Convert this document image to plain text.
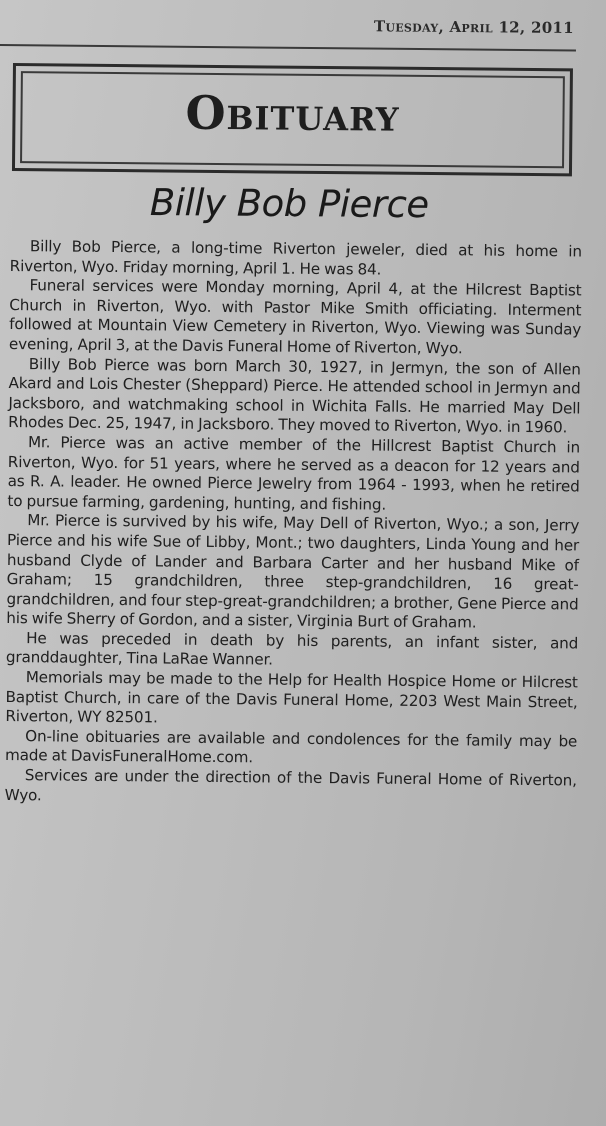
Tuesday, April 12, 2011
Obituary
Billy Bob Pierce

Billy Bob Pierce, a long-time Riverton jeweler, died at his home in Riverton, Wyo. Friday morning, April 1. He was 84.

Funeral services were Monday morning, April 4, at the Hilcrest Baptist Church in Riverton, Wyo. with Pastor Mike Smith officiating. Interment followed at Mountain View Cemetery in Riverton, Wyo. Viewing was Sunday evening, April 3, at the Davis Funeral Home of Riverton, Wyo.

Billy Bob Pierce was born March 30, 1927, in Jermyn, the son of Allen Akard and Lois Chester (Sheppard) Pierce. He attended school in Jermyn and Jacksboro, and watchmaking school in Wichita Falls. He married May Dell Rhodes Dec. 25, 1947, in Jacksboro. They moved to Riverton, Wyo. in 1960.

Mr. Pierce was an active member of the Hillcrest Baptist Church in Riverton, Wyo. for 51 years, where he served as a deacon for 12 years and as R. A. leader. He owned Pierce Jewelry from 1964 - 1993, when he retired to pursue farming, gardening, hunting, and fishing.

Mr. Pierce is survived by his wife, May Dell of Riverton, Wyo.; a son, Jerry Pierce and his wife Sue of Libby, Mont.; two daughters, Linda Young and her husband Clyde of Lander and Barbara Carter and her husband Mike of Graham; 15 grandchildren, three step-grandchildren, 16 great-grandchildren, and four step-great-grandchildren; a brother, Gene Pierce and his wife Sherry of Gordon, and a sister, Virginia Burt of Graham.

He was preceded in death by his parents, an infant sister, and granddaughter, Tina LaRae Wanner.

Memorials may be made to the Help for Health Hospice Home or Hilcrest Baptist Church, in care of the Davis Funeral Home, 2203 West Main Street, Riverton, WY 82501.

On-line obituaries are available and condolences for the family may be made at DavisFuneralHome.com.

Services are under the direction of the Davis Funeral Home of Riverton, Wyo.
